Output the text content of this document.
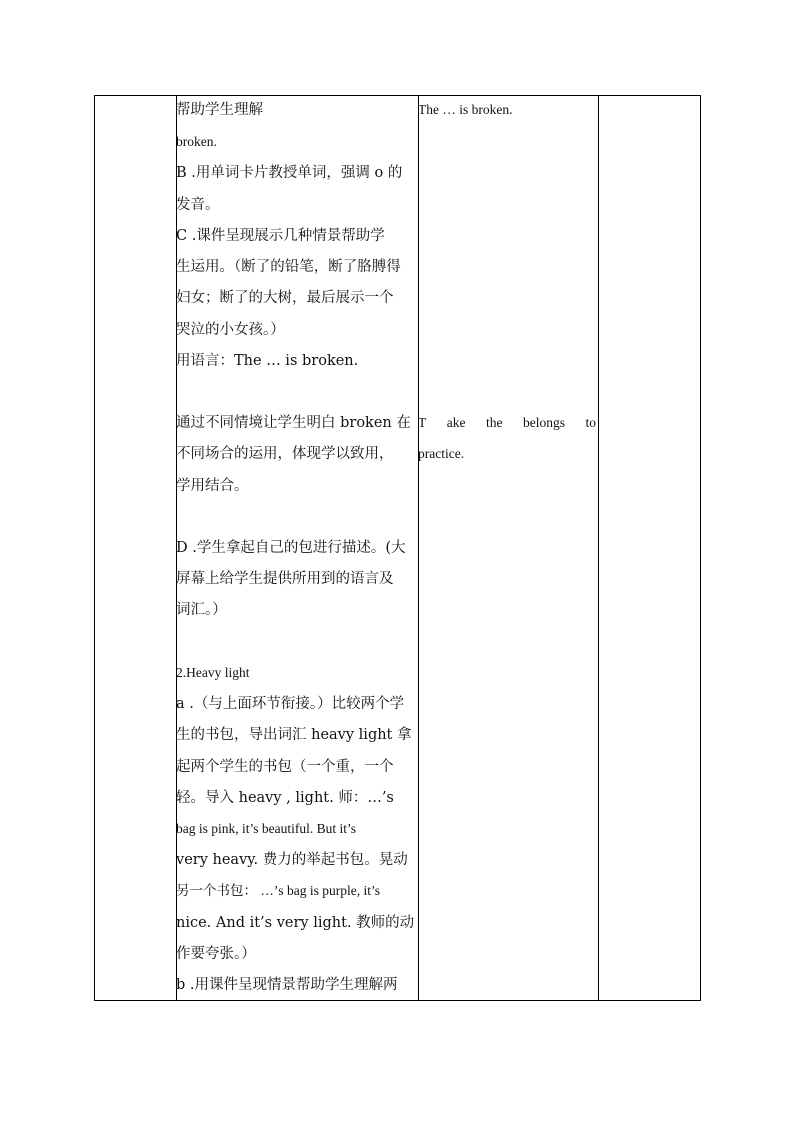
帮助学生理解
broken.
B .用单词卡片教授单词，强调 o 的
发音。
C .课件呈现展示几种情景帮助学
生运用。（断了的铅笔，断了胳膊得
妇女；断了的大树，最后展示一个
哭泣的小女孩。）
用语言：The … is broken.
通过不同情境让学生明白 broken 在
不同场合的运用，体现学以致用，
学用结合。
D .学生拿起自己的包进行描述。(大
屏幕上给学生提供所用到的语言及
词汇。）
2.Heavy light
a .（与上面环节衔接。）比较两个学
生的书包，导出词汇 heavy light 拿
起两个学生的书包（一个重，一个
轻。导入 heavy , light. 师：…’s
bag is pink, it’s beautiful. But it’s
very heavy. 费力的举起书包。晃动
另一个书包： …’s bag is purple, it’s
nice. And it’s very light. 教师的动
作要夸张。）
b .用课件呈现情景帮助学生理解两
The … is broken.
T ake the belongs to
practice.
